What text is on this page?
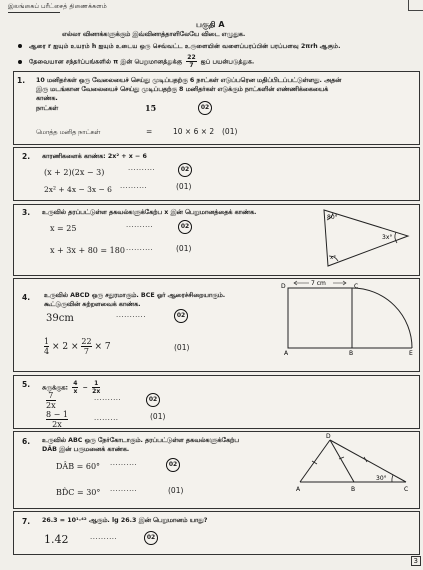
இலங்கைப் பரீட்சைத் திணைக்களம்
பகுதி A
எல்லா வினாக்களுக்கும் இவ்வினாத்தாளிலேயே விடை எழுதுக.
ஆரை r ஐயும் உயரம் h ஐயும் உடைய ஒரு செவ்வட்ட உருளையின் வளைப்பரப்பின் பரப்பளவு 2πrh ஆகும்.
தேவையான சந்தர்ப்பங்களில் π இன் பெறுமானத்துக்கு $\frac{22}{7}$ ஐப் பயன்படுத்துக.
1. 10 மனிதர்கள் ஒரு வேலையைச் செய்து முடிப்பதற்கு 6 நாட்கள் எடுப்பரென மதிப்பிடப்பட்டுள்ளது. அதன்
இரு மடங்கான வேலையைச் செய்து முடிப்பதற்கு 8 மனிதர்கள் எடுக்கும் நாட்களின் எண்ணிக்கையைக்
காண்க.
நாட்கள்	15	02
மொத்த மனித நாட்கள்	=	10 × 6 × 2 (01)
2. காரணிகளைக் காண்க: 2x² + x − 6
(x + 2)(2x − 3)	..........	02
2x² + 4x − 3x − 6 ..........	(01)
3. உருவில் தரப்பட்டுள்ள தகவல்களுக்கேற்ப x இன் பெறுமானத்தைக் காண்க.
x = 25	..........	02
x + 3x + 80 = 180 ..........	(01)
80°
3x°
x°
4. உருவில் ABCD ஒரு சதுரமாகும். BCE ஓர் ஆரைச்சிறையாகும்.
கூட்டுருவின் சுற்றளவைக் காண்க.
39cm	...........	02
$\frac{1}{4} \times 2 \times \frac{22}{7} \times 7$	(01)
7 cm
D	C
A	B	E
5. சுருக்குக: $\frac{4}{x} - \frac{1}{2x}$
$\frac{7}{2x}$	..........	02
$\frac{8 - 1}{2x}$	.........	(01)
6. உருவில் ABC ஒரு நேர்கோடாகும். தரப்பட்டுள்ள தகவல்களுக்கேற்ப
DÂB இன் பருமனைக் காண்க.
DÂB = 60° ..........	02
BD̂C = 30° ..........	(01)
30°
D
A	B	C
7. 26.3 = 10¹·⁴² ஆகும். lg 26.3 இன் பெறுமானம் யாது?
1.42	..........	02
3
